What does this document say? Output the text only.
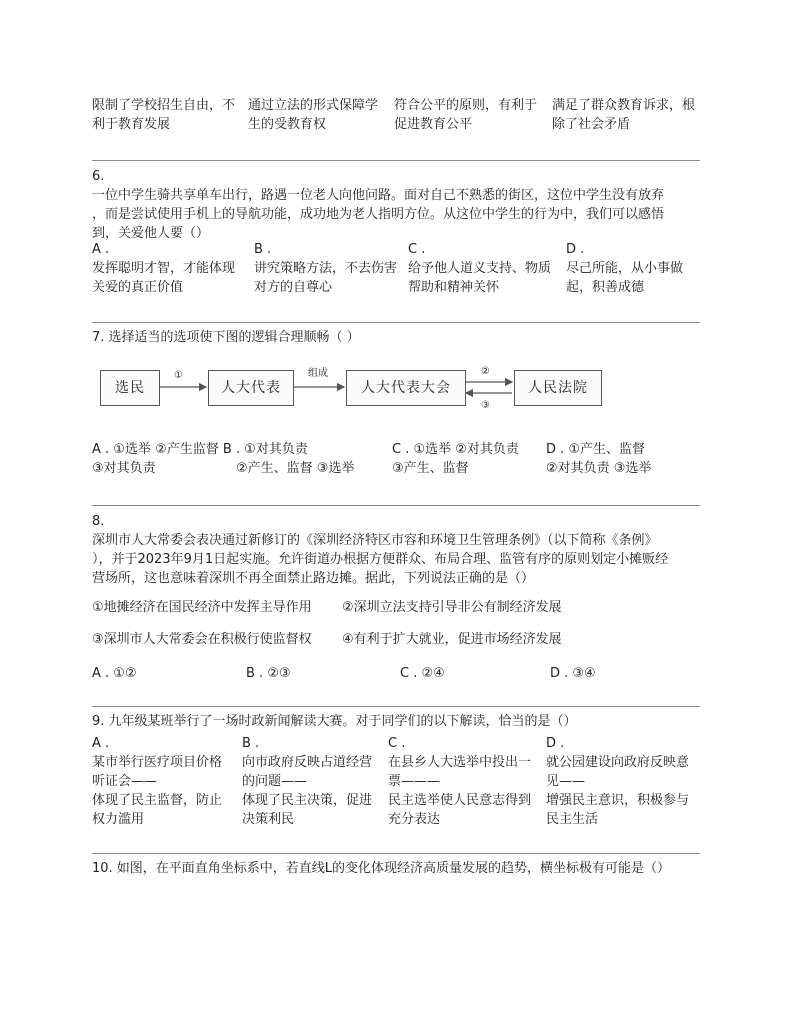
限制了学校招生自由，不
利于教育发展
通过立法的形式保障学
生的受教育权
符合公平的原则，有利于
促进教育公平
满足了群众教育诉求，根
除了社会矛盾
6.
一位中学生骑共享单车出行，路遇一位老人向他问路。面对自己不熟悉的街区，这位中学生没有放弃
，而是尝试使用手机上的导航功能，成功地为老人指明方位。从这位中学生的行为中，我们可以感悟
到，关爱他人要（）
A .
发挥聪明才智，才能体现
关爱的真正价值
B .
讲究策略方法，不去伤害
对方的自尊心
C .
给予他人道义支持、物质
帮助和精神关怀
D .
尽己所能，从小事做
起，积善成德
7. 选择适当的选项使下图的逻辑合理顺畅（ ）
选民	人大代表	人大代表大会	人民法院
①	组成	②
③
A . ①选举 ②产生监督 B . ①对其负责	C . ①选举 ②对其负责 D . ①产生、监督
③对其负责	②产生、监督 ③选举	③产生、监督	②对其负责 ③选举
8.
深圳市人大常委会表决通过新修订的《深圳经济特区市容和环境卫生管理条例》（以下简称《条例》
），并于2023年9月1日起实施。允许街道办根据方便群众、布局合理、监管有序的原则划定小摊贩经
营场所，这也意味着深圳不再全面禁止路边摊。据此，下列说法正确的是（）
①地摊经济在国民经济中发挥主导作用 ②深圳立法支持引导非公有制经济发展
③深圳市人大常委会在积极行使监督权 ④有利于扩大就业，促进市场经济发展
A . ①②	B . ②③	C . ②④	D . ③④
9. 九年级某班举行了一场时政新闻解读大赛。对于同学们的以下解读，恰当的是（）
A .
某市举行医疗项目价格
听证会——
体现了民主监督，防止
权力滥用
B .
向市政府反映占道经营
的问题——
体现了民主决策，促进
决策利民
C .
在县乡人大选举中投出一
票———
民主选举使人民意志得到
充分表达
D .
就公园建设向政府反映意
见——
增强民主意识，积极参与
民主生活
10. 如图，在平面直角坐标系中，若直线L的变化体现经济高质量发展的趋势，横坐标极有可能是（）
